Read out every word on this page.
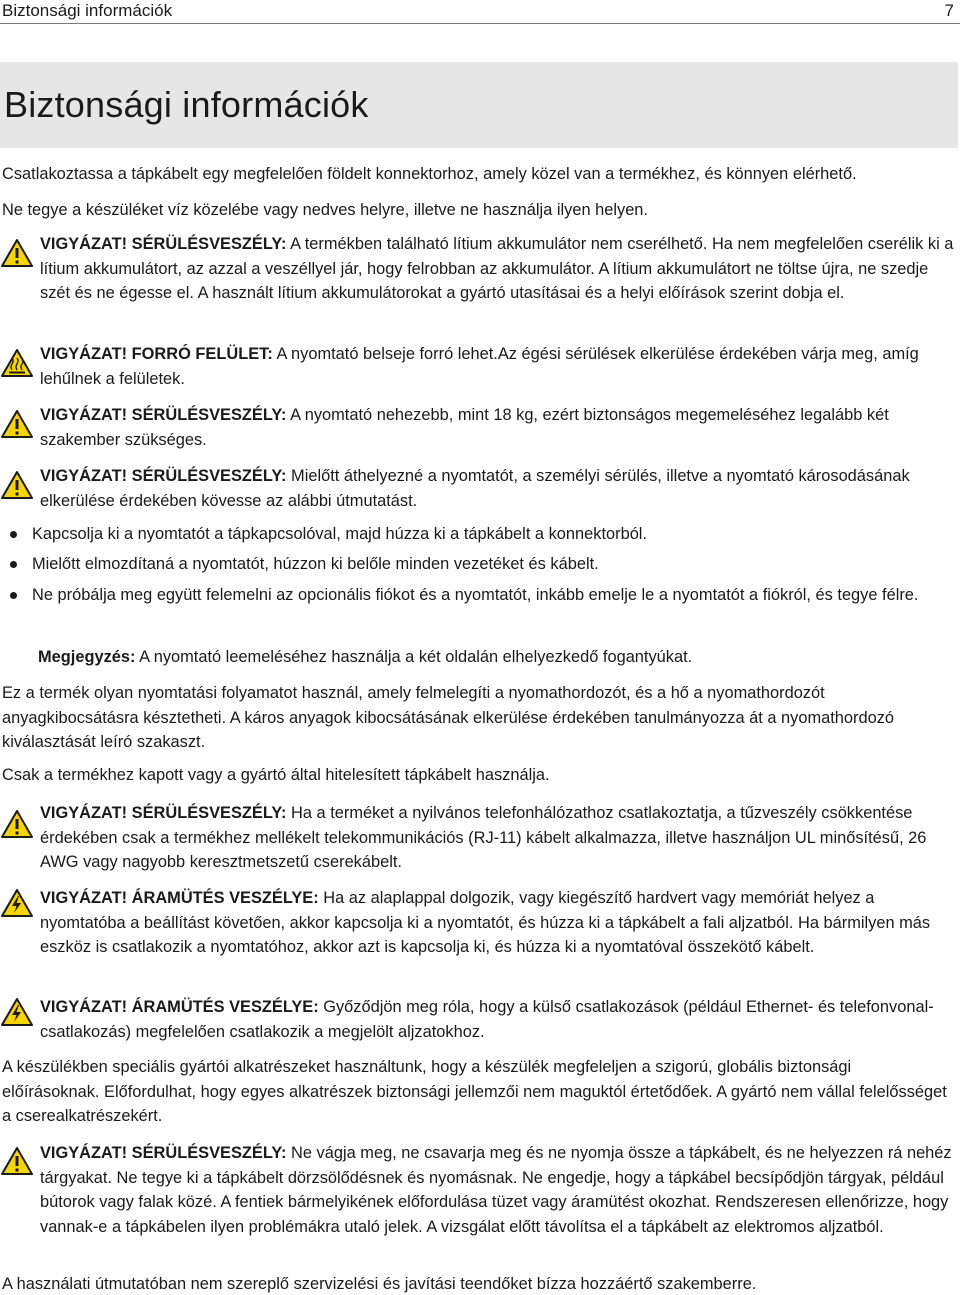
Biztonsági információk	7
Biztonsági információk
Csatlakoztassa a tápkábelt egy megfelelően földelt konnektorhoz, amely közel van a termékhez, és könnyen elérhető.
Ne tegye a készüléket víz közelébe vagy nedves helyre, illetve ne használja ilyen helyen.
VIGYÁZAT! SÉRÜLÉSVESZÉLY: A termékben található lítium akkumulátor nem cserélhető. Ha nem megfelelően cserélik ki a lítium akkumulátort, az azzal a veszéllyel jár, hogy felrobban az akkumulátor. A lítium akkumulátort ne töltse újra, ne szedje szét és ne égesse el. A használt lítium akkumulátorokat a gyártó utasításai és a helyi előírások szerint dobja el.
VIGYÁZAT! FORRÓ FELÜLET: A nyomtató belseje forró lehet.Az égési sérülések elkerülése érdekében várja meg, amíg lehűlnek a felületek.
VIGYÁZAT! SÉRÜLÉSVESZÉLY: A nyomtató nehezebb, mint 18 kg, ezért biztonságos megemeléséhez legalább két szakember szükséges.
VIGYÁZAT! SÉRÜLÉSVESZÉLY: Mielőtt áthelyezné a nyomtatót, a személyi sérülés, illetve a nyomtató károsodásának elkerülése érdekében kövesse az alábbi útmutatást.
Kapcsolja ki a nyomtatót a tápkapcsolóval, majd húzza ki a tápkábelt a konnektorból.
Mielőtt elmozdítaná a nyomtatót, húzzon ki belőle minden vezetéket és kábelt.
Ne próbálja meg együtt felemelni az opcionális fiókot és a nyomtatót, inkább emelje le a nyomtatót a fiókról, és tegye félre.
Megjegyzés: A nyomtató leemeléséhez használja a két oldalán elhelyezkedő fogantyúkat.
Ez a termék olyan nyomtatási folyamatot használ, amely felmelegíti a nyomathordozót, és a hő a nyomathordozót anyagkibocsátásra késztetheti. A káros anyagok kibocsátásának elkerülése érdekében tanulmányozza át a nyomathordozó kiválasztását leíró szakaszt.
Csak a termékhez kapott vagy a gyártó által hitelesített tápkábelt használja.
VIGYÁZAT! SÉRÜLÉSVESZÉLY: Ha a terméket a nyilvános telefonhálózathoz csatlakoztatja, a tűzveszély csökkentése érdekében csak a termékhez mellékelt telekommunikációs (RJ-11) kábelt alkalmazza, illetve használjon UL minősítésű, 26 AWG vagy nagyobb keresztmetszetű cserekábelt.
VIGYÁZAT! ÁRAMÜTÉS VESZÉLYE: Ha az alaplappal dolgozik, vagy kiegészítő hardvert vagy memóriát helyez a nyomtatóba a beállítást követően, akkor kapcsolja ki a nyomtatót, és húzza ki a tápkábelt a fali aljzatból. Ha bármilyen más eszköz is csatlakozik a nyomtatóhoz, akkor azt is kapcsolja ki, és húzza ki a nyomtatóval összekötő kábelt.
VIGYÁZAT! ÁRAMÜTÉS VESZÉLYE: Győződjön meg róla, hogy a külső csatlakozások (például Ethernet- és telefonvonal-csatlakozás) megfelelően csatlakozik a megjelölt aljzatokhoz.
A készülékben speciális gyártói alkatrészeket használtunk, hogy a készülék megfeleljen a szigorú, globális biztonsági előírásoknak. Előfordulhat, hogy egyes alkatrészek biztonsági jellemzői nem maguktól értetődőek. A gyártó nem vállal felelősséget a cserealkatrészekért.
VIGYÁZAT! SÉRÜLÉSVESZÉLY: Ne vágja meg, ne csavarja meg és ne nyomja össze a tápkábelt, és ne helyezzen rá nehéz tárgyakat. Ne tegye ki a tápkábelt dörzsölődésnek és nyomásnak. Ne engedje, hogy a tápkábel becsípődjön tárgyak, például bútorok vagy falak közé. A fentiek bármelyikének előfordulása tüzet vagy áramütést okozhat. Rendszeresen ellenőrizze, hogy vannak-e a tápkábelen ilyen problémákra utaló jelek. A vizsgálat előtt távolítsa el a tápkábelt az elektromos aljzatból.
A használati útmutatóban nem szereplő szervizelési és javítási teendőket bízza hozzáértő szakemberre.
